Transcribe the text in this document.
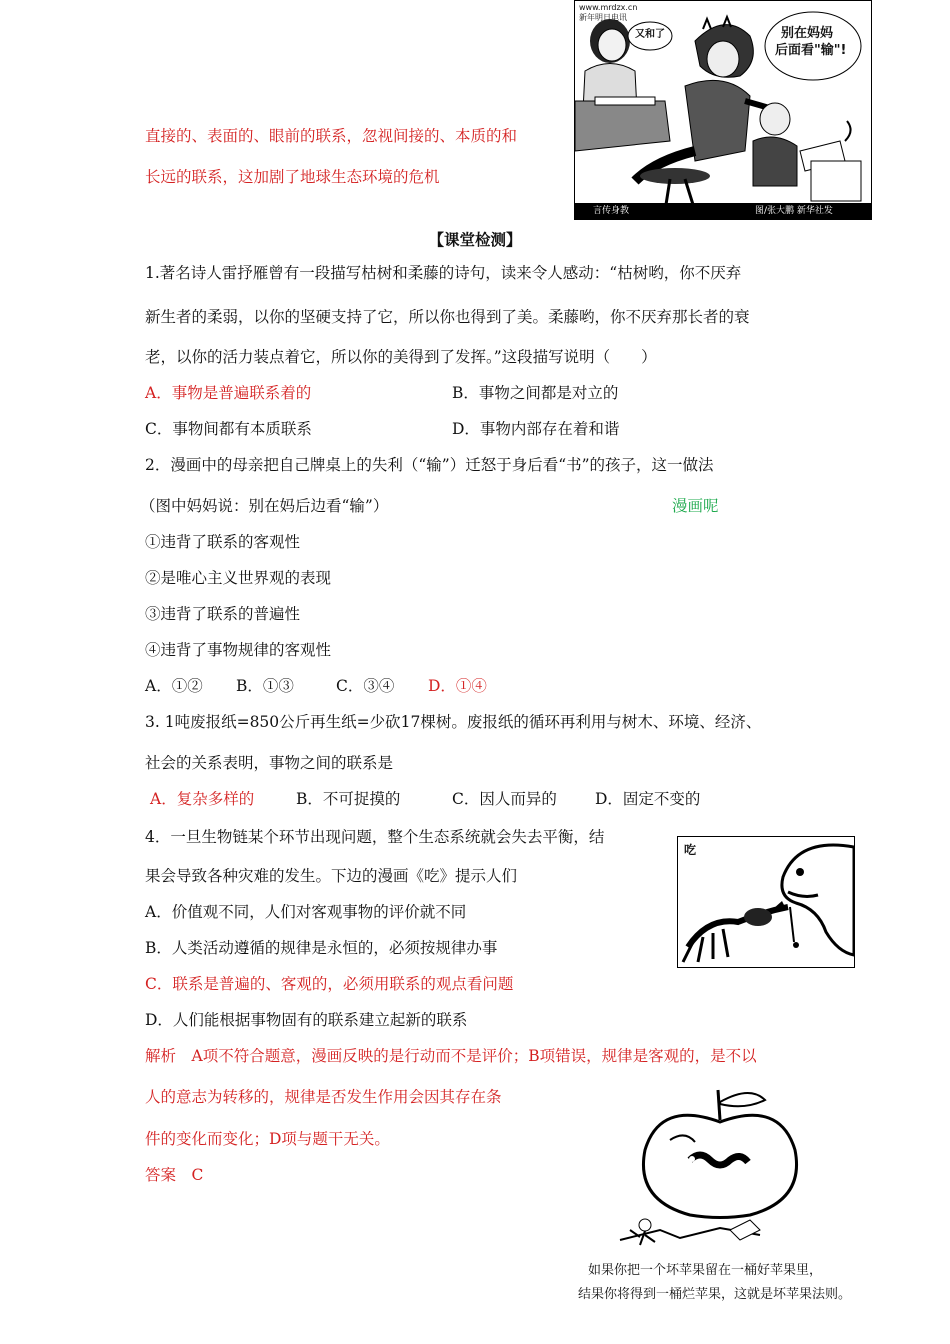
直接的、表面的、眼前的联系，忽视间接的、本质的和
长远的联系，这加剧了地球生态环境的危机
www.mrdzx.cn
新年明日电讯
又和了	别在妈妈
后面看"输"!
言传身教	图/张大鹏 新华社发
【课堂检测】
1.著名诗人雷抒雁曾有一段描写枯树和柔藤的诗句，读来令人感动：“枯树哟，你不厌弃
新生者的柔弱，以你的坚硬支持了它，所以你也得到了美。柔藤哟，你不厌弃那长者的衰
老，以你的活力装点着它，所以你的美得到了发挥。”这段描写说明（　　）
A．事物是普遍联系着的	B．事物之间都是对立的
C．事物间都有本质联系	D．事物内部存在着和谐
2．漫画中的母亲把自己牌桌上的失利（“输”）迁怒于身后看“书”的孩子，这一做法
（图中妈妈说：别在妈后边看“输”）	漫画呢
①违背了联系的客观性
②是唯心主义世界观的表现
③违背了联系的普遍性
④违背了事物规律的客观性
A．①② B．①③	C．③④ D．①④
3. 1吨废报纸=850公斤再生纸=少砍17棵树。废报纸的循环再利用与树木、环境、经济、
社会的关系表明，事物之间的联系是
A．复杂多样的	B．不可捉摸的	C．因人而异的 D．固定不变的
吃
4．一旦生物链某个环节出现问题，整个生态系统就会失去平衡，结
果会导致各种灾难的发生。下边的漫画《吃》提示人们
A．价值观不同，人们对客观事物的评价就不同
B．人类活动遵循的规律是永恒的，必须按规律办事
C．联系是普遍的、客观的，必须用联系的观点看问题
D．人们能根据事物固有的联系建立起新的联系
解析　A项不符合题意，漫画反映的是行动而不是评价；B项错误，规律是客观的，是不以
人的意志为转移的，规律是否发生作用会因其存在条
件的变化而变化；D项与题干无关。
答案　C
如果你把一个坏苹果留在一桶好苹果里，
结果你将得到一桶烂苹果，这就是坏苹果法则。
